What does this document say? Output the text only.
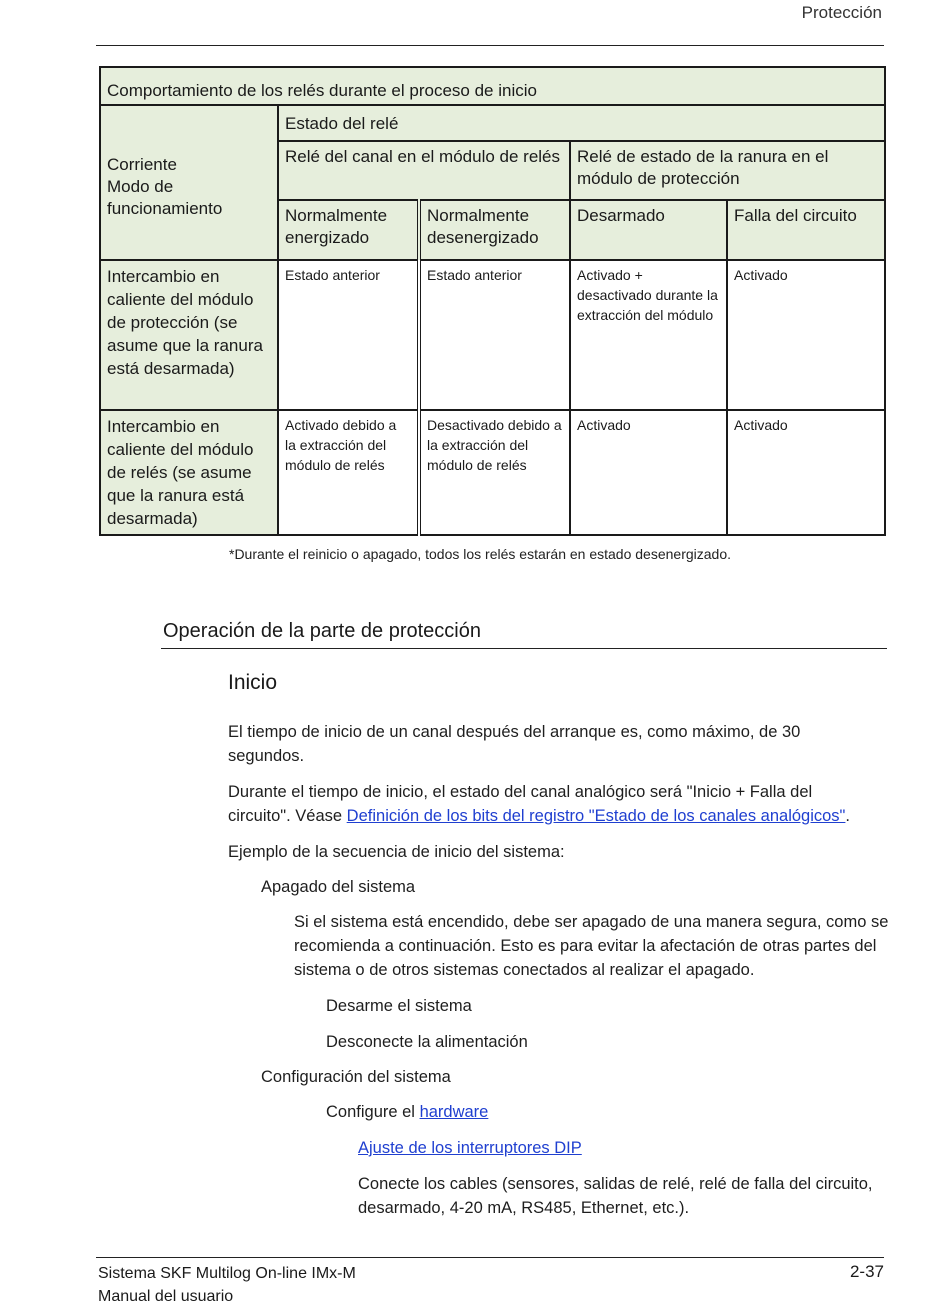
Protección
Comportamiento de los relés durante el proceso de inicio				
Corriente
Modo de
funcionamiento	Estado del relé			
	Relé del canal en el módulo de relés		Relé de estado de la ranura en el módulo de protección	
	Normalmente energizado	Normalmente desenergizado	Desarmado	Falla del circuito
Intercambio en caliente del módulo de protección (se asume que la ranura está desarmada)	Estado anterior	Estado anterior	Activado + desactivado durante la extracción del módulo	Activado
Intercambio en caliente del módulo de relés (se asume que la ranura está desarmada)	Activado debido a la extracción del módulo de relés	Desactivado debido a la extracción del módulo de relés	Activado	Activado
*Durante el reinicio o apagado, todos los relés estarán en estado desenergizado.
Operación de la parte de protección
Inicio

El tiempo de inicio de un canal después del arranque es, como máximo, de 30 segundos.

Durante el tiempo de inicio, el estado del canal analógico será "Inicio + Falla del circuito". Véase Definición de los bits del registro "Estado de los canales analógicos".

Ejemplo de la secuencia de inicio del sistema:

Apagado del sistema

Si el sistema está encendido, debe ser apagado de una manera segura, como se recomienda a continuación. Esto es para evitar la afectación de otras partes del sistema o de otros sistemas conectados al realizar el apagado.

Desarme el sistema

Desconecte la alimentación

Configuración del sistema

Configure el hardware

Ajuste de los interruptores DIP

Conecte los cables (sensores, salidas de relé, relé de falla del circuito, desarmado, 4-20 mA, RS485, Ethernet, etc.).

Sistema SKF Multilog On-line IMx-M
Manual del usuario
2-37
